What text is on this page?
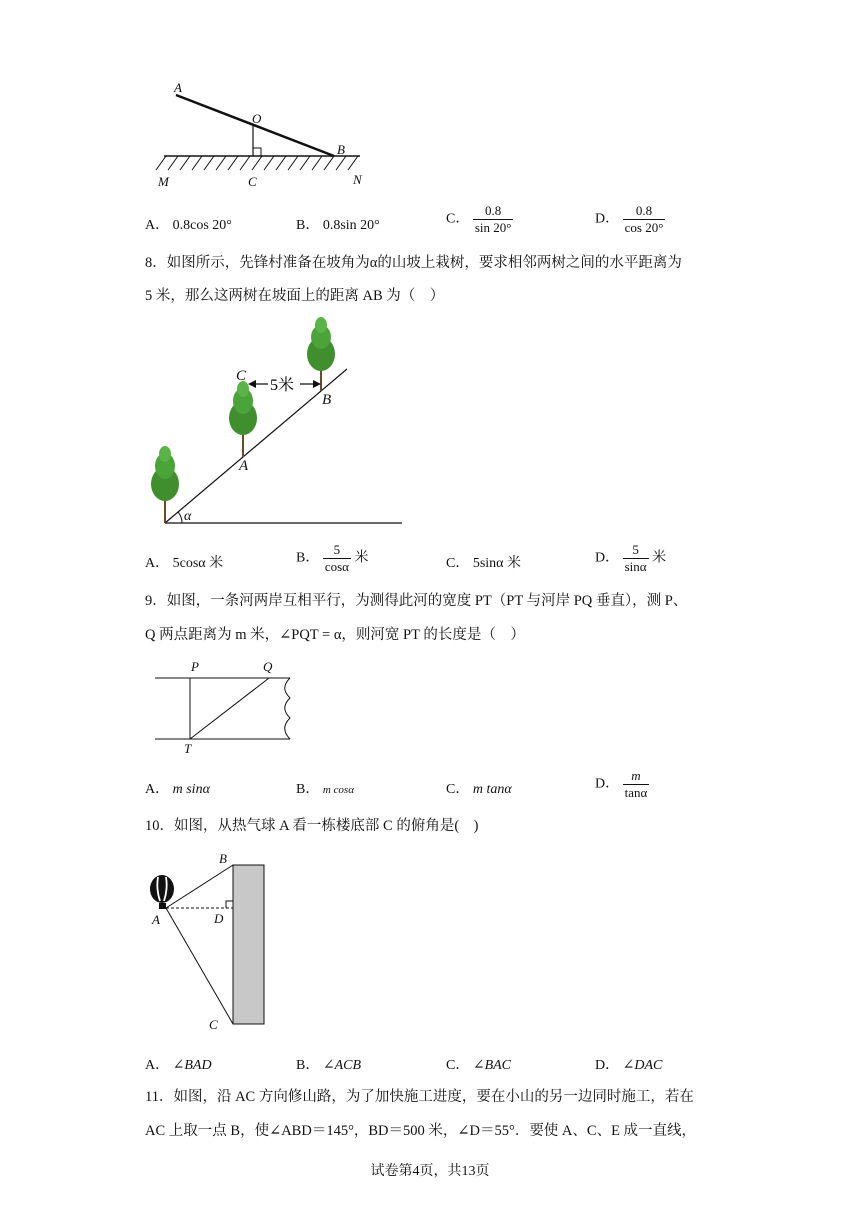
A
O
B
M	C	N
A． 0.8cos 20°	B． 0.8sin 20°	C． $\frac{0.8}{\sin 20^\circ}$	D． $\frac{0.8}{\cos 20^\circ}$
8．如图所示，先锋村准备在坡角为α的山坡上栽树，要求相邻两树之间的水平距离为
5 米，那么这两树在坡面上的距离 AB 为（　）
C
5米
B
A
α
A． 5cosα 米	B． $\frac{5}{\cos\alpha}$ 米	C． 5sinα 米	D． $\frac{5}{\sin\alpha}$ 米
9．如图，一条河两岸互相平行，为测得此河的宽度 PT（PT 与河岸 PQ 垂直），测 P、
Q 两点距离为 m 米，∠PQT = α，则河宽 PT 的长度是（　）
P	Q
T
A． m sinα	B． m cosα	C． m tanα	D． $\frac{m}{\tan\alpha}$
10．如图，从热气球 A 看一栋楼底部 C 的俯角是(　)
B
A	D
C
A． ∠BAD	B． ∠ACB	C． ∠BAC	D． ∠DAC
11．如图，沿 AC 方向修山路，为了加快施工进度，要在小山的另一边同时施工，若在
AC 上取一点 B，使∠ABD＝145°，BD＝500 米，∠D＝55°．要使 A、C、E 成一直线，
试卷第4页，共13页
